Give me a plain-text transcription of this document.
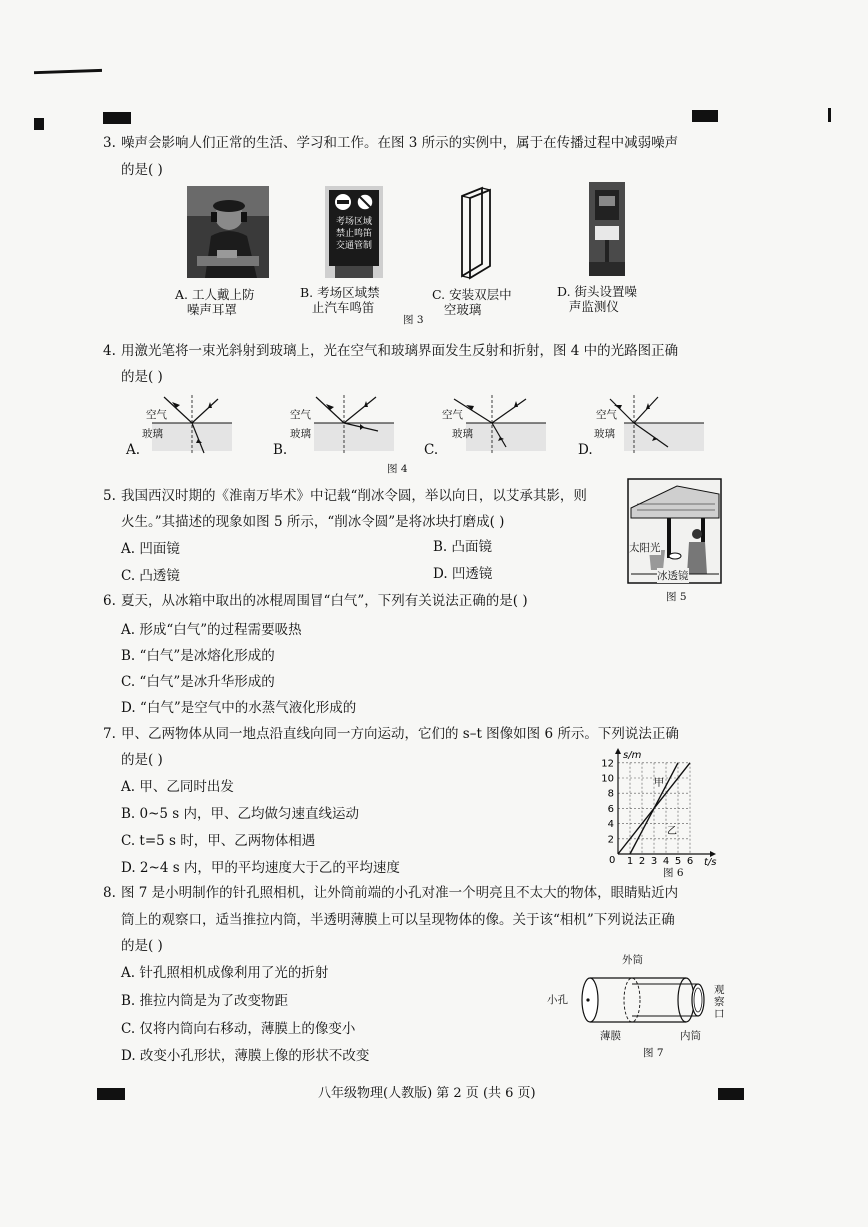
3. 噪声会影响人们正常的生活、学习和工作。在图 3 所示的实例中，属于在传播过程中减弱噪声
的是( )
考场区域
禁止鸣笛
交通管制
A. 工人戴上防
噪声耳罩
B. 考场区域禁
止汽车鸣笛
C. 安装双层中
空玻璃
D. 街头设置噪
声监测仪
图 3
4. 用激光笔将一束光斜射到玻璃上，光在空气和玻璃界面发生反射和折射，图 4 中的光路图正确
的是( )
空气
玻璃
A.
空气
玻璃
B.
空气
玻璃
C.
空气
玻璃
D.
图 4
5. 我国西汉时期的《淮南万毕术》中记载“削冰令圆，举以向日，以艾承其影，则
火生。”其描述的现象如图 5 所示，“削冰令圆”是将冰块打磨成( )
A. 凹面镜	B. 凸面镜
C. 凸透镜	D. 凹透镜
太阳光
冰透镜
图 5
6. 夏天，从冰箱中取出的冰棍周围冒“白气”，下列有关说法正确的是( )
A. 形成“白气”的过程需要吸热
B. “白气”是冰熔化形成的
C. “白气”是冰升华形成的
D. “白气”是空气中的水蒸气液化形成的
7. 甲、乙两物体从同一地点沿直线向同一方向运动，它们的 s–t 图像如图 6 所示。下列说法正确
的是( )
A. 甲、乙同时出发
B. 0~5 s 内，甲、乙均做匀速直线运动
C. t=5 s 时，甲、乙两物体相遇
D. 2~4 s 内，甲的平均速度大于乙的平均速度
2
4
6
8
10
12
1 2 3 4 5 6
s/m
t/s
0
甲
乙
图 6
8. 图 7 是小明制作的针孔照相机，让外筒前端的小孔对准一个明亮且不太大的物体，眼睛贴近内
筒上的观察口，适当推拉内筒，半透明薄膜上可以呈现物体的像。关于该“相机”下列说法正确
的是( )
A. 针孔照相机成像利用了光的折射
B. 推拉内筒是为了改变物距
C. 仅将内筒向右移动，薄膜上的像变小
D. 改变小孔形状，薄膜上像的形状不改变
外筒
小孔
薄膜	内筒
观察口
图 7
八年级物理(人教版) 第 2 页 (共 6 页)
